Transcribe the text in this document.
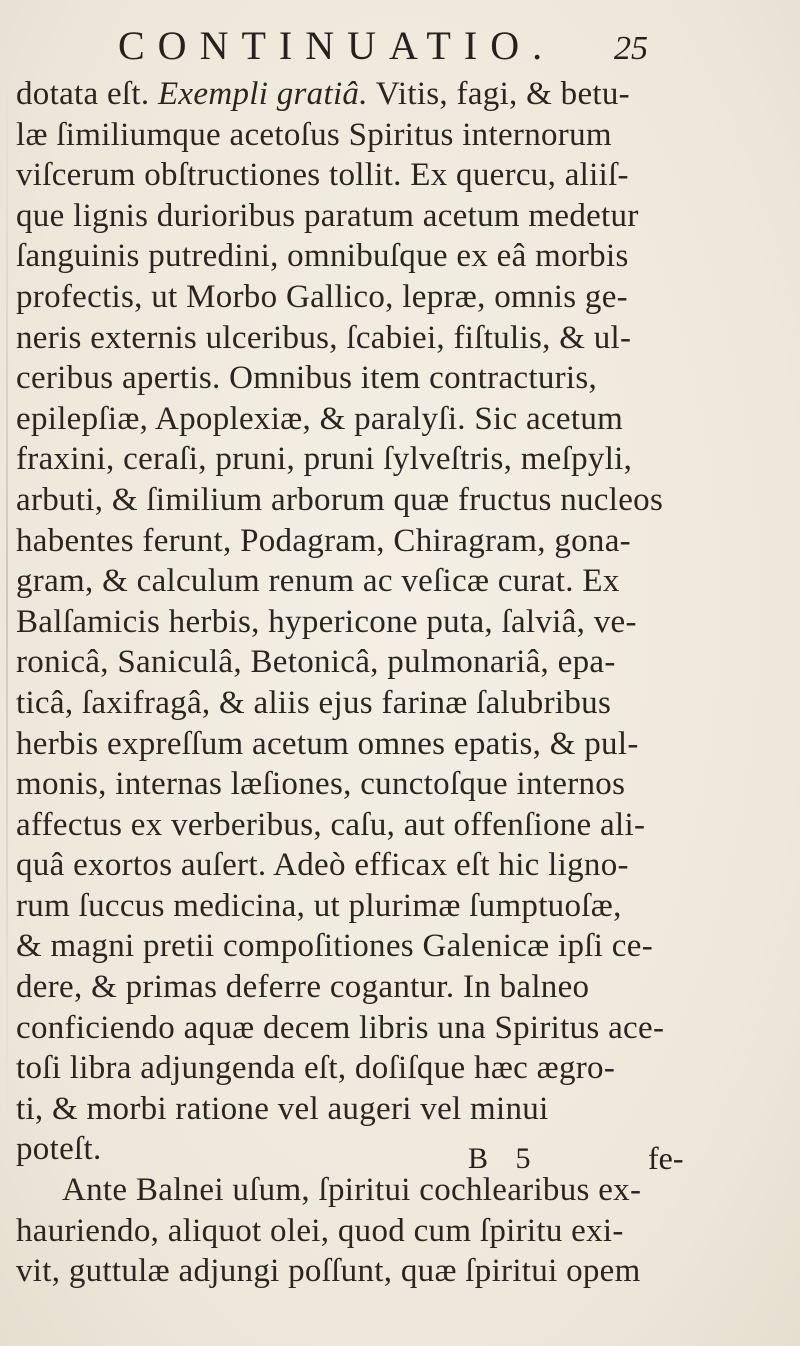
CONTINUATIO. 25
dotata eſt. Exempli gratiâ. Vitis, fagi, & betu-
læ ſimiliumque acetoſus Spiritus internorum
viſcerum obſtructiones tollit. Ex quercu, aliiſ-
que lignis durioribus paratum acetum medetur
ſanguinis putredini, omnibuſque ex eâ morbis
profectis, ut Morbo Gallico, lepræ, omnis ge-
neris externis ulceribus, ſcabiei, fiſtulis, & ul-
ceribus apertis. Omnibus item contracturis,
epilepſiæ, Apoplexiæ, & paralyſi. Sic acetum
fraxini, ceraſi, pruni, pruni ſylveſtris, meſpyli,
arbuti, & ſimilium arborum quæ fructus nucleos
habentes ferunt, Podagram, Chiragram, gona-
gram, & calculum renum ac veſicæ curat. Ex
Balſamicis herbis, hypericone puta, ſalviâ, ve-
ronicâ, Saniculâ, Betonicâ, pulmonariâ, epa-
ticâ, ſaxifragâ, & aliis ejus farinæ ſalubribus
herbis expreſſum acetum omnes epatis, & pul-
monis, internas læſiones, cunctoſque internos
affectus ex verberibus, caſu, aut offenſione ali-
quâ exortos auſert. Adeò efficax eſt hic ligno-
rum ſuccus medicina, ut plurimæ ſumptuoſæ,
& magni pretii compoſitiones Galenicæ ipſi ce-
dere, & primas deferre cogantur. In balneo
conficiendo aquæ decem libris una Spiritus ace-
toſi libra adjungenda eſt, doſiſque hæc ægro-
ti, & morbi ratione vel augeri vel minui
poteſt.
Ante Balnei uſum, ſpiritui cochlearibus ex-
hauriendo, aliquot olei, quod cum ſpiritu exi-
vit, guttulæ adjungi poſſunt, quæ ſpiritui opem
B 5	fe-
